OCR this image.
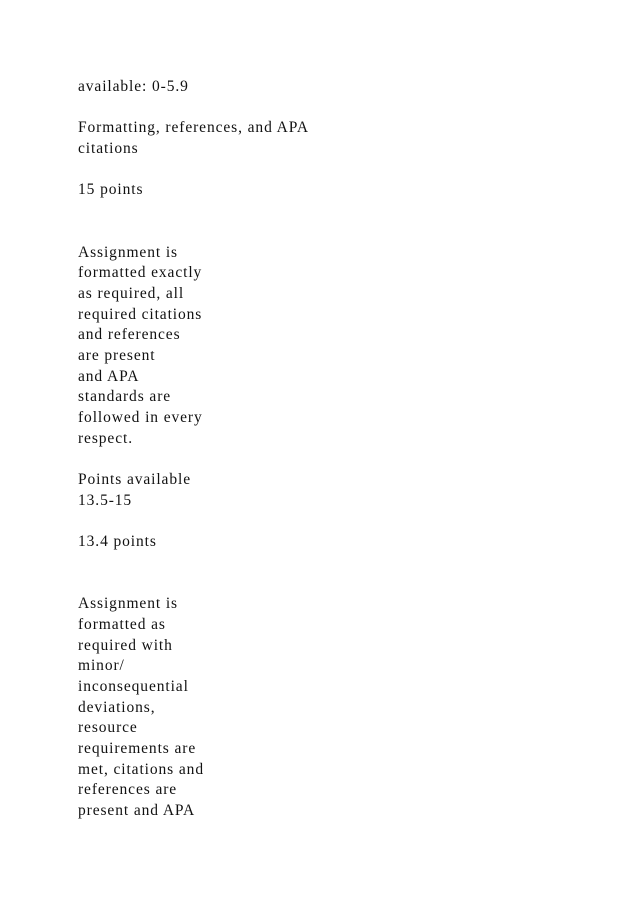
available: 0-5.9
Formatting, references, and APA
citations
15 points
Assignment is
formatted exactly
as required, all
required citations
and references
are present
and APA
standards are
followed in every
respect.
Points available
13.5-15
13.4 points
Assignment is
formatted as
required with
minor/
inconsequential
deviations,
resource
requirements are
met, citations and
references are
present and APA
